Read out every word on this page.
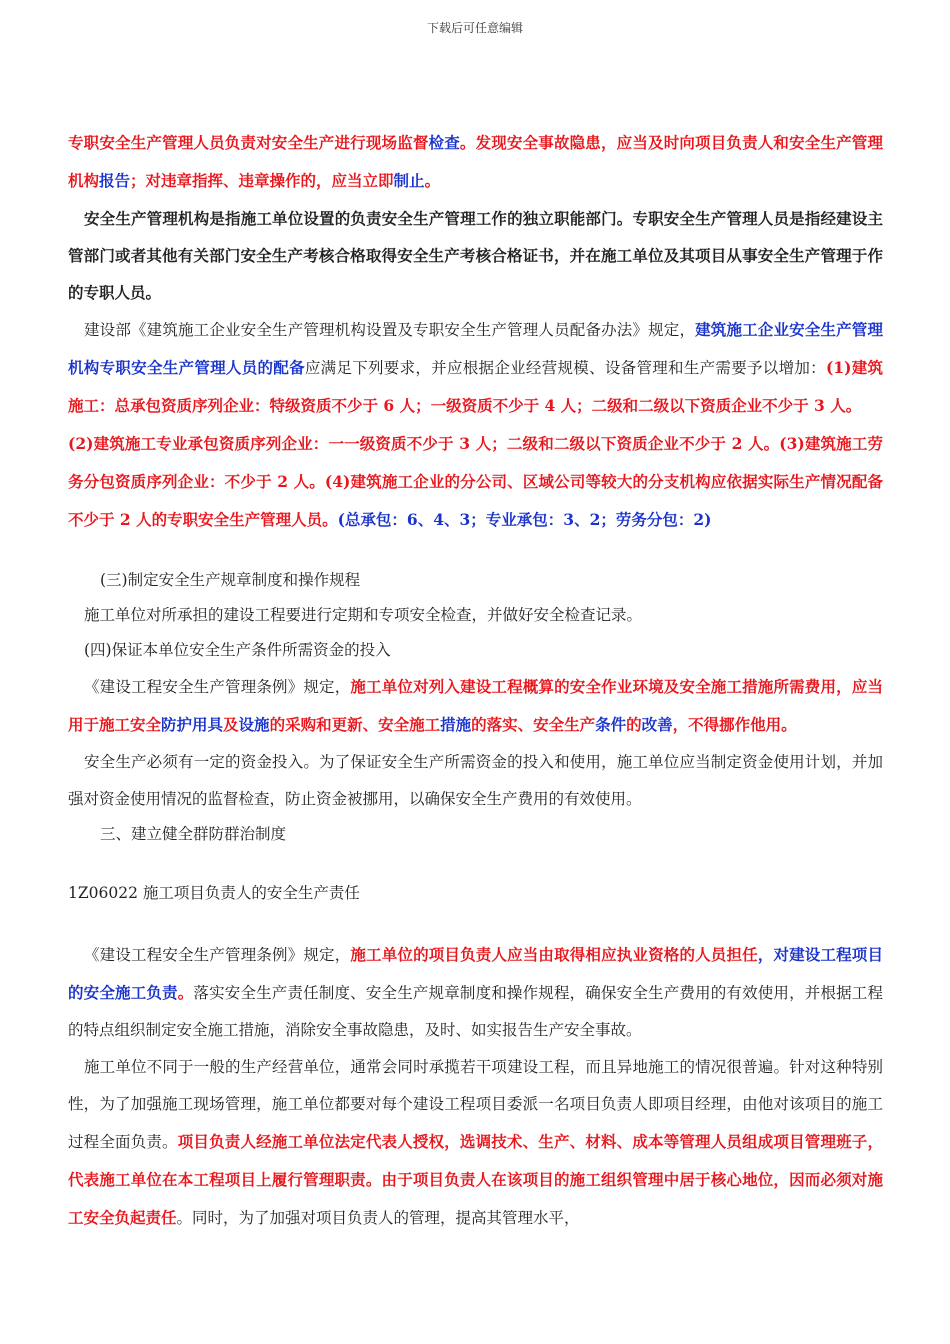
下载后可任意编辑

专职安全生产管理人员负责对安全生产进行现场监督检查。发现安全事故隐患，应当及时向项目负责人和安全生产管理机构报告；对违章指挥、违章操作的，应当立即制止。

安全生产管理机构是指施工单位设置的负责安全生产管理工作的独立职能部门。专职安全生产管理人员是指经建设主管部门或者其他有关部门安全生产考核合格取得安全生产考核合格证书，并在施工单位及其项目从事安全生产管理于作的专职人员。

建设部《建筑施工企业安全生产管理机构设置及专职安全生产管理人员配备办法》规定，建筑施工企业安全生产管理机构专职安全生产管理人员的配备应满足下列要求，并应根据企业经营规模、设备管理和生产需要予以增加：(1)建筑施工：总承包资质序列企业：特级资质不少于 6 人；一级资质不少于 4 人；二级和二级以下资质企业不少于 3 人。

(2)建筑施工专业承包资质序列企业：一一级资质不少于 3 人；二级和二级以下资质企业不少于 2 人。(3)建筑施工劳务分包资质序列企业：不少于 2 人。(4)建筑施工企业的分公司、区域公司等较大的分支机构应依据实际生产情况配备不少于 2 人的专职安全生产管理人员。(总承包：6、4、3；专业承包：3、2；劳务分包：2)

(三)制定安全生产规章制度和操作规程

施工单位对所承担的建设工程要进行定期和专项安全检查，并做好安全检查记录。

(四)保证本单位安全生产条件所需资金的投入

《建设工程安全生产管理条例》规定，施工单位对列入建设工程概算的安全作业环境及安全施工措施所需费用，应当用于施工安全防护用具及设施的采购和更新、安全施工措施的落实、安全生产条件的改善，不得挪作他用。

安全生产必须有一定的资金投入。为了保证安全生产所需资金的投入和使用，施工单位应当制定资金使用计划，并加强对资金使用情况的监督检查，防止资金被挪用，以确保安全生产费用的有效使用。

三、建立健全群防群治制度

1Z06022 施工项目负责人的安全生产责任

《建设工程安全生产管理条例》规定，施工单位的项目负责人应当由取得相应执业资格的人员担任，对建设工程项目的安全施工负责。落实安全生产责任制度、安全生产规章制度和操作规程，确保安全生产费用的有效使用，并根据工程的特点组织制定安全施工措施，消除安全事故隐患，及时、如实报告生产安全事故。

施工单位不同于一般的生产经营单位，通常会同时承揽若干项建设工程，而且异地施工的情况很普遍。针对这种特别性，为了加强施工现场管理，施工单位都要对每个建设工程项目委派一名项目负责人即项目经理，由他对该项目的施工过程全面负责。项目负责人经施工单位法定代表人授权，选调技术、生产、材料、成本等管理人员组成项目管理班子，代表施工单位在本工程项目上履行管理职责。由于项目负责人在该项目的施工组织管理中居于核心地位，因而必须对施工安全负起责任。同时，为了加强对项目负责人的管理，提高其管理水平，
